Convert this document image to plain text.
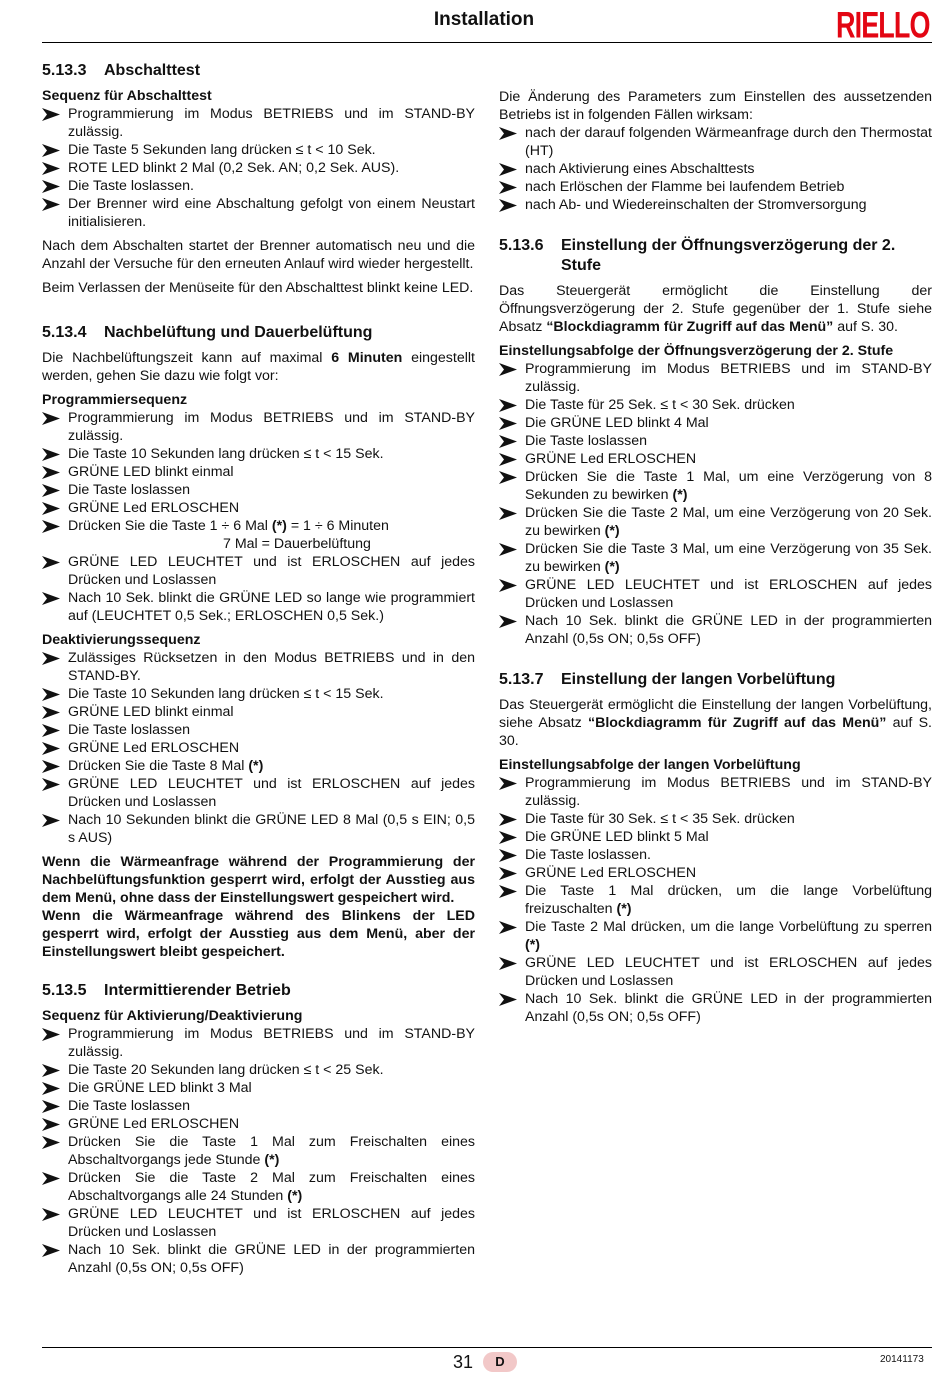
Installation	RIELLO
5.13.3	Abschalttest
Sequenz für Abschalttest
Programmierung im Modus BETRIEBS und im STAND-BY zulässig.
Die Taste 5 Sekunden lang drücken ≤ t < 10 Sek.
ROTE LED blinkt 2 Mal (0,2 Sek. AN; 0,2 Sek. AUS).
Die Taste loslassen.
Der Brenner wird eine Abschaltung gefolgt von einem Neustart initialisieren.

Nach dem Abschalten startet der Brenner automatisch neu und die Anzahl der Versuche für den erneuten Anlauf wird wieder hergestellt.

Beim Verlassen der Menüseite für den Abschalttest blinkt keine LED.

5.13.4	Nachbelüftung und Dauerbelüftung

Die Nachbelüftungszeit kann auf maximal 6 Minuten eingestellt werden, gehen Sie dazu wie folgt vor:

Programmiersequenz
Programmierung im Modus BETRIEBS und im STAND-BY zulässig.
Die Taste 10 Sekunden lang drücken ≤ t < 15 Sek.
GRÜNE LED blinkt einmal
Die Taste loslassen
GRÜNE Led ERLOSCHEN
Drücken Sie die Taste 1 ÷ 6 Mal (*) = 1 ÷ 6 Minuten
7 Mal = Dauerbelüftung
GRÜNE LED LEUCHTET und ist ERLOSCHEN auf jedes Drücken und Loslassen
Nach 10 Sek. blinkt die GRÜNE LED so lange wie programmiert auf (LEUCHTET 0,5 Sek.; ERLOSCHEN 0,5 Sek.)
Deaktivierungssequenz
Zulässiges Rücksetzen in den Modus BETRIEBS und in den STAND-BY.
Die Taste 10 Sekunden lang drücken ≤ t < 15 Sek.
GRÜNE LED blinkt einmal
Die Taste loslassen
GRÜNE Led ERLOSCHEN
Drücken Sie die Taste 8 Mal (*)
GRÜNE LED LEUCHTET und ist ERLOSCHEN auf jedes Drücken und Loslassen
Nach 10 Sekunden blinkt die GRÜNE LED 8 Mal (0,5 s EIN; 0,5 s AUS)

Wenn die Wärmeanfrage während der Programmierung der Nachbelüftungsfunktion gesperrt wird, erfolgt der Ausstieg aus dem Menü, ohne dass der Einstellungswert gespeichert wird.

Wenn die Wärmeanfrage während des Blinkens der LED gesperrt wird, erfolgt der Ausstieg aus dem Menü, aber der Einstellungswert bleibt gespeichert.

5.13.5	Intermittierender Betrieb
Sequenz für Aktivierung/Deaktivierung
Programmierung im Modus BETRIEBS und im STAND-BY zulässig.
Die Taste 20 Sekunden lang drücken ≤ t < 25 Sek.
Die GRÜNE LED blinkt 3 Mal
Die Taste loslassen
GRÜNE Led ERLOSCHEN
Drücken Sie die Taste 1 Mal zum Freischalten eines Abschaltvorgangs jede Stunde (*)
Drücken Sie die Taste 2 Mal zum Freischalten eines Abschaltvorgangs alle 24 Stunden (*)
GRÜNE LED LEUCHTET und ist ERLOSCHEN auf jedes Drücken und Loslassen
Nach 10 Sek. blinkt die GRÜNE LED in der programmierten Anzahl (0,5s ON; 0,5s OFF)

Die Änderung des Parameters zum Einstellen des aussetzenden Betriebs ist in folgenden Fällen wirksam:

nach der darauf folgenden Wärmeanfrage durch den Thermostat (HT)
nach Aktivierung eines Abschalttests
nach Erlöschen der Flamme bei laufendem Betrieb
nach Ab- und Wiedereinschalten der Stromversorgung
5.13.6	Einstellung der Öffnungsverzögerung der 2. Stufe

Das Steuergerät ermöglicht die Einstellung der Öffnungsverzögerung der 2. Stufe gegenüber der 1. Stufe siehe Absatz “Blockdiagramm für Zugriff auf das Menü” auf S. 30.

Einstellungsabfolge der Öffnungsverzögerung der 2. Stufe
Programmierung im Modus BETRIEBS und im STAND-BY zulässig.
Die Taste für 25 Sek. ≤ t < 30 Sek. drücken
Die GRÜNE LED blinkt 4 Mal
Die Taste loslassen
GRÜNE Led ERLOSCHEN
Drücken Sie die Taste 1 Mal, um eine Verzögerung von 8 Sekunden zu bewirken (*)
Drücken Sie die Taste 2 Mal, um eine Verzögerung von 20 Sek. zu bewirken (*)
Drücken Sie die Taste 3 Mal, um eine Verzögerung von 35 Sek. zu bewirken (*)
GRÜNE LED LEUCHTET und ist ERLOSCHEN auf jedes Drücken und Loslassen
Nach 10 Sek. blinkt die GRÜNE LED in der programmierten Anzahl (0,5s ON; 0,5s OFF)
5.13.7	Einstellung der langen Vorbelüftung

Das Steuergerät ermöglicht die Einstellung der langen Vorbelüftung, siehe Absatz “Blockdiagramm für Zugriff auf das Menü” auf S. 30.

Einstellungsabfolge der langen Vorbelüftung
Programmierung im Modus BETRIEBS und im STAND-BY zulässig.
Die Taste für 30 Sek. ≤ t < 35 Sek. drücken
Die GRÜNE LED blinkt 5 Mal
Die Taste loslassen.
GRÜNE Led ERLOSCHEN
Die Taste 1 Mal drücken, um die lange Vorbelüftung freizuschalten (*)
Die Taste 2 Mal drücken, um die lange Vorbelüftung zu sperren (*)
GRÜNE LED LEUCHTET und ist ERLOSCHEN auf jedes Drücken und Loslassen
Nach 10 Sek. blinkt die GRÜNE LED in der programmierten Anzahl (0,5s ON; 0,5s OFF)
31	D	20141173
